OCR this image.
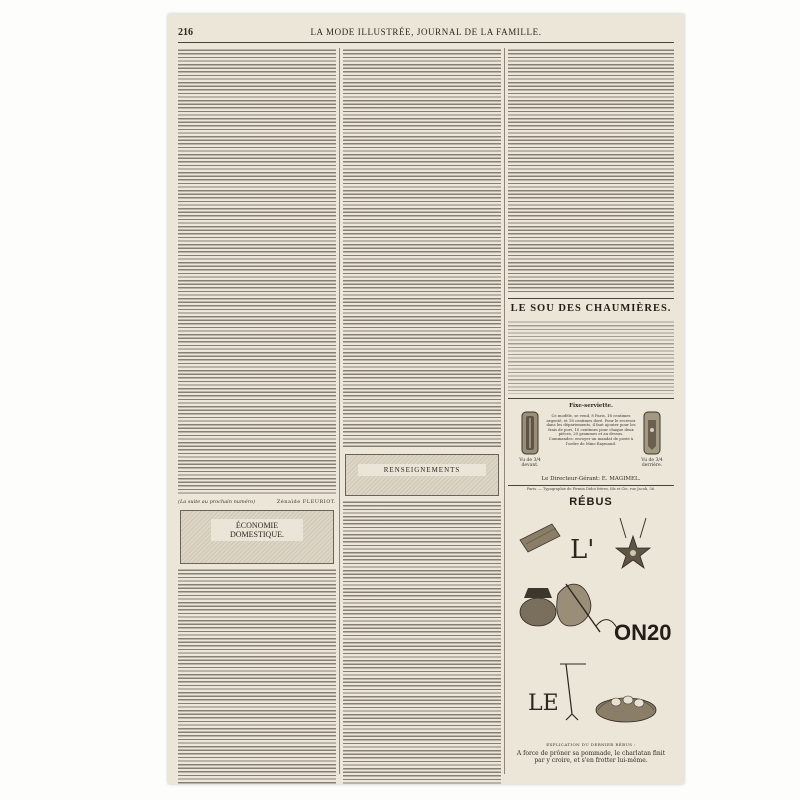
216	LA MODE ILLUSTRÉE, JOURNAL DE LA FAMILLE.
(La suite au prochain numéro)	Zénaïde FLEURIOT.
ÉCONOMIE DOMESTIQUE.
RENSEIGNEMENTS
LE SOU DES CHAUMIÈRES.
Fixe-serviette.
Vu de 3/4 devant.
Ce modèle, se vend, 8 Paris, 16 centimes argenté, et 18 centimes doré. Pour le recevoir dans les départements, il faut ajouter pour les frais de port, 10 centimes pour chaque deux pièces, 20 grammes et au dessus. Commandes: envoyer un mandat de poste à l'ordre de Mme Raymond.
Vu de 3/4 derrière.
Le Directeur-Gérant: E. MAGIMEL.
Paris. — Typographie de Firmin Didot frères, fils et Cie, rue Jacob, 56.
RÉBUS
L'
ON20
LE
EXPLICATION DU DERNIER RÉBUS :
A force de prôner sa pommade, le charlatan finit par y croire, et s'en frotter lui-même.
